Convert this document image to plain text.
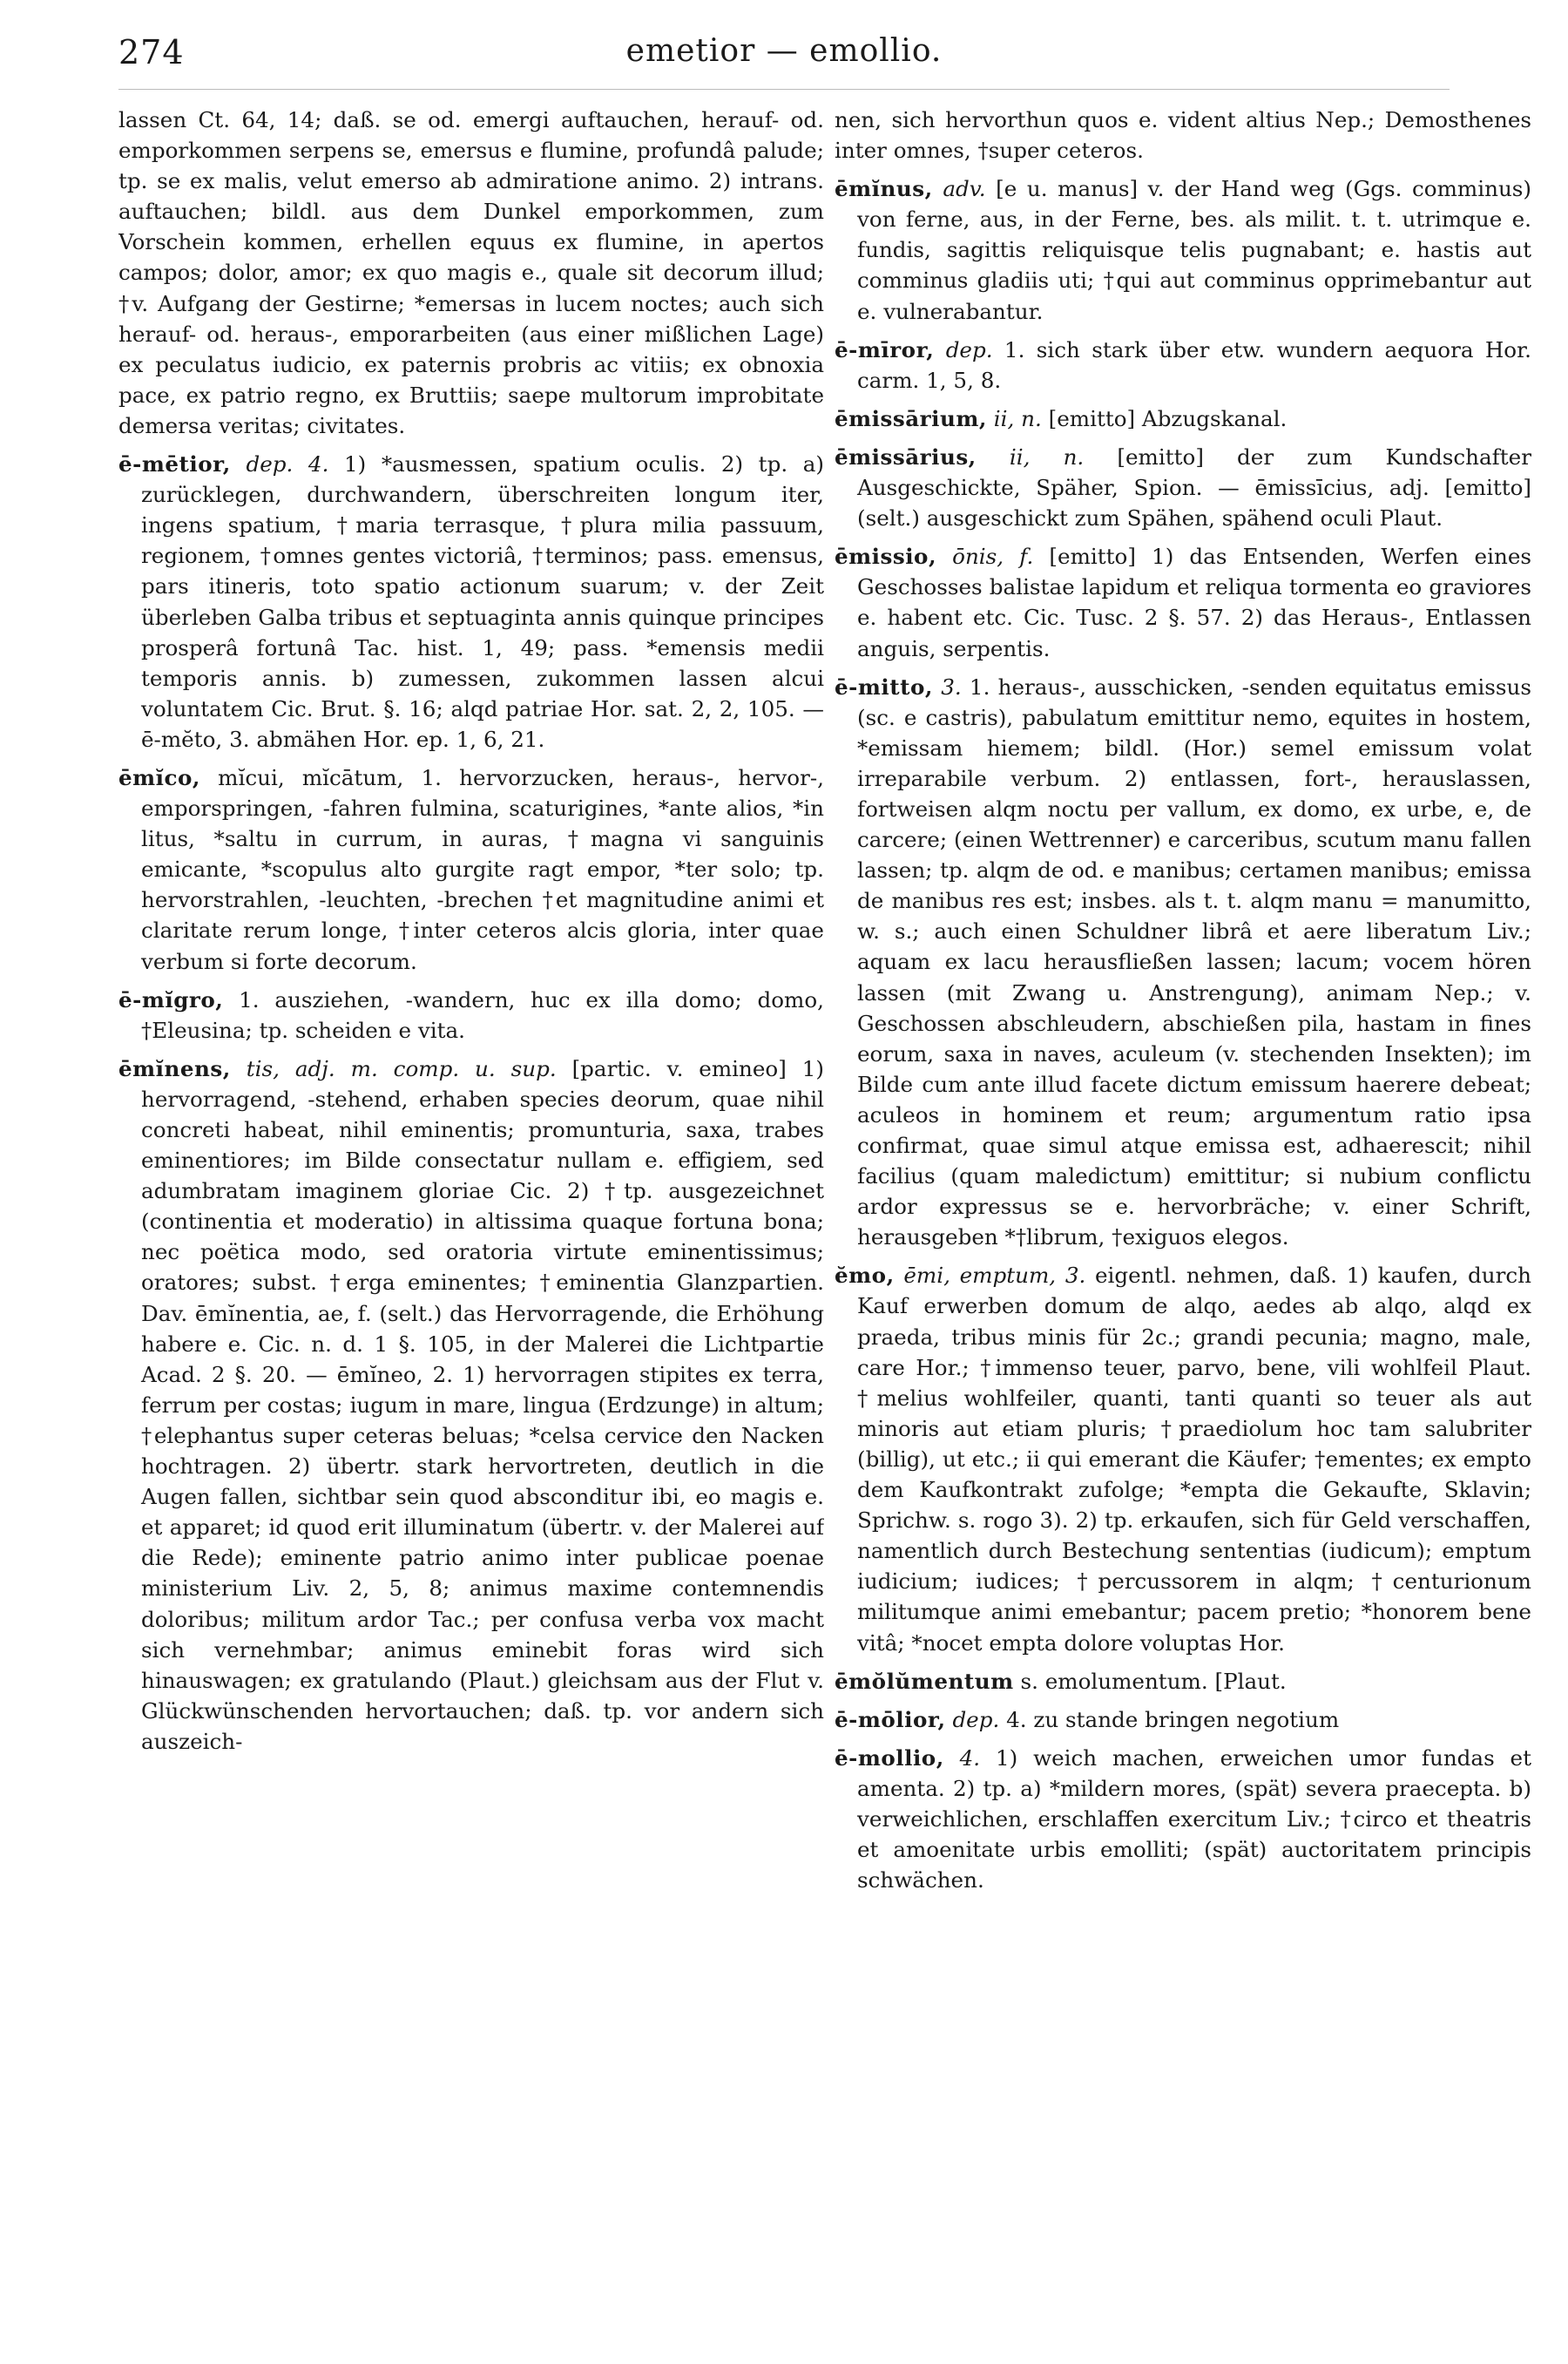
274	emetior — emollio.

lassen Ct. 64, 14; daß. se od. emergi auftauchen, herauf- od. emporkommen serpens se, emersus e flumine, profundâ palude; tp. se ex malis, velut emerso ab admiratione animo. 2) intrans. auftauchen; bildl. aus dem Dunkel emporkommen, zum Vorschein kommen, erhellen equus ex flumine, in apertos campos; dolor, amor; ex quo magis e., quale sit decorum illud; †v. Aufgang der Gestirne; *emersas in lucem noctes; auch sich herauf- od. heraus-, emporarbeiten (aus einer mißlichen Lage) ex peculatus iudicio, ex paternis probris ac vitiis; ex obnoxia pace, ex patrio regno, ex Bruttiis; saepe multorum improbitate demersa veritas; civitates.

ē-mētior, dep. 4. 1) *ausmessen, spatium oculis. 2) tp. a) zurücklegen, durchwandern, überschreiten longum iter, ingens spatium, †maria terrasque, †plura milia passuum, regionem, †omnes gentes victoriâ, †terminos; pass. emensus, pars itineris, toto spatio actionum suarum; v. der Zeit überleben Galba tribus et septuaginta annis quinque principes prosperâ fortunâ Tac. hist. 1, 49; pass. *emensis medii temporis annis. b) zumessen, zukommen lassen alcui voluntatem Cic. Brut. §. 16; alqd patriae Hor. sat. 2, 2, 105. — ē-mĕto, 3. abmähen Hor. ep. 1, 6, 21.

ēmĭco, mĭcui, mĭcātum, 1. hervorzucken, heraus-, hervor-, emporspringen, -fahren fulmina, scaturigines, *ante alios, *in litus, *saltu in currum, in auras, †magna vi sanguinis emicante, *scopulus alto gurgite ragt empor, *ter solo; tp. hervorstrahlen, -leuchten, -brechen †et magnitudine animi et claritate rerum longe, †inter ceteros alcis gloria, inter quae verbum si forte decorum.

ē-mĭgro, 1. ausziehen, -wandern, huc ex illa domo; domo, †Eleusina; tp. scheiden e vita.

ēmĭnens, tis, adj. m. comp. u. sup. [partic. v. emineo] 1) hervorragend, -stehend, erhaben species deorum, quae nihil concreti habeat, nihil eminentis; promunturia, saxa, trabes eminentiores; im Bilde consectatur nullam e. effigiem, sed adumbratam imaginem gloriae Cic. 2) †tp. ausgezeichnet (continentia et moderatio) in altissima quaque fortuna bona; nec poëtica modo, sed oratoria virtute eminentissimus; oratores; subst. †erga eminentes; †eminentia Glanzpartien. Dav. ēmĭnentia, ae, f. (selt.) das Hervorragende, die Erhöhung habere e. Cic. n. d. 1 §. 105, in der Malerei die Lichtpartie Acad. 2 §. 20. — ēmĭneo, 2. 1) hervorragen stipites ex terra, ferrum per costas; iugum in mare, lingua (Erdzunge) in altum; †elephantus super ceteras beluas; *celsa cervice den Nacken hochtragen. 2) übertr. stark hervortreten, deutlich in die Augen fallen, sichtbar sein quod absconditur ibi, eo magis e. et apparet; id quod erit illuminatum (übertr. v. der Malerei auf die Rede); eminente patrio animo inter publicae poenae ministerium Liv. 2, 5, 8; animus maxime contemnendis doloribus; militum ardor Tac.; per confusa verba vox macht sich vernehmbar; animus eminebit foras wird sich hinauswagen; ex gratulando (Plaut.) gleichsam aus der Flut v. Glückwünschenden hervortauchen; daß. tp. vor andern sich auszeich-

nen, sich hervorthun quos e. vident altius Nep.; Demosthenes inter omnes, †super ceteros.

ēmĭnus, adv. [e u. manus] v. der Hand weg (Ggs. comminus) von ferne, aus, in der Ferne, bes. als milit. t. t. utrimque e. fundis, sagittis reliquisque telis pugnabant; e. hastis aut comminus gladiis uti; †qui aut comminus opprimebantur aut e. vulnerabantur.

ē-mīror, dep. 1. sich stark über etw. wundern aequora Hor. carm. 1, 5, 8.

ēmissārium, ii, n. [emitto] Abzugskanal.

ēmissārius, ii, n. [emitto] der zum Kundschafter Ausgeschickte, Späher, Spion. — ēmissīcius, adj. [emitto] (selt.) ausgeschickt zum Spähen, spähend oculi Plaut.

ēmissio, ōnis, f. [emitto] 1) das Entsenden, Werfen eines Geschosses balistae lapidum et reliqua tormenta eo graviores e. habent etc. Cic. Tusc. 2 §. 57. 2) das Heraus-, Entlassen anguis, serpentis.

ē-mitto, 3. 1. heraus-, ausschicken, -senden equitatus emissus (sc. e castris), pabulatum emittitur nemo, equites in hostem, *emissam hiemem; bildl. (Hor.) semel emissum volat irreparabile verbum. 2) entlassen, fort-, herauslassen, fortweisen alqm noctu per vallum, ex domo, ex urbe, e, de carcere; (einen Wettrenner) e carceribus, scutum manu fallen lassen; tp. alqm de od. e manibus; certamen manibus; emissa de manibus res est; insbes. als t. t. alqm manu = manumitto, w. s.; auch einen Schuldner librâ et aere liberatum Liv.; aquam ex lacu herausfließen lassen; lacum; vocem hören lassen (mit Zwang u. Anstrengung), animam Nep.; v. Geschossen abschleudern, abschießen pila, hastam in fines eorum, saxa in naves, aculeum (v. stechenden Insekten); im Bilde cum ante illud facete dictum emissum haerere debeat; aculeos in hominem et reum; argumentum ratio ipsa confirmat, quae simul atque emissa est, adhaerescit; nihil facilius (quam maledictum) emittitur; si nubium conflictu ardor expressus se e. hervorbräche; v. einer Schrift, herausgeben *†librum, †exiguos elegos.

ĕmo, ēmi, emptum, 3. eigentl. nehmen, daß. 1) kaufen, durch Kauf erwerben domum de alqo, aedes ab alqo, alqd ex praeda, tribus minis für 2c.; grandi pecunia; magno, male, care Hor.; †immenso teuer, parvo, bene, vili wohlfeil Plaut. †melius wohlfeiler, quanti, tanti quanti so teuer als aut minoris aut etiam pluris; †praediolum hoc tam salubriter (billig), ut etc.; ii qui emerant die Käufer; †ementes; ex empto dem Kaufkontrakt zufolge; *empta die Gekaufte, Sklavin; Sprichw. s. rogo 3). 2) tp. erkaufen, sich für Geld verschaffen, namentlich durch Bestechung sententias (iudicum); emptum iudicium; iudices; †percussorem in alqm; †centurionum militumque animi emebantur; pacem pretio; *honorem bene vitâ; *nocet empta dolore voluptas Hor.

ēmŏlŭmentum s. emolumentum. [Plaut.

ē-mōlior, dep. 4. zu stande bringen negotium

ē-mollio, 4. 1) weich machen, erweichen umor fundas et amenta. 2) tp. a) *mildern mores, (spät) severa praecepta. b) verweichlichen, erschlaffen exercitum Liv.; †circo et theatris et amoenitate urbis emolliti; (spät) auctoritatem principis schwächen.
